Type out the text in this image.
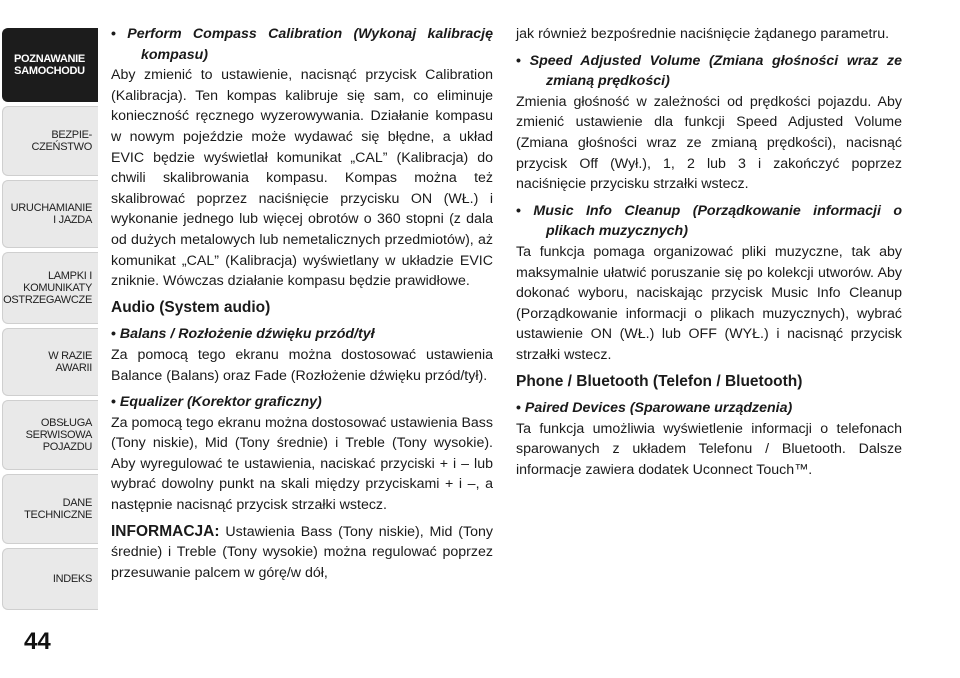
POZNAWANIE
SAMOCHODU
BEZPIE-
CZEŃSTWO
URUCHAMIANIE
I JAZDA
LAMPKI I
KOMUNIKATY
OSTRZEGAWCZE
W RAZIE
AWARII
OBSŁUGA
SERWISOWA
POJAZDU
DANE
TECHNICZNE
INDEKS
44

• Perform Compass Calibration (Wykonaj kalibrację kompasu)

Aby zmienić to ustawienie, nacisnąć przycisk Calibration (Kalibracja). Ten kompas kalibruje się sam, co eliminuje konieczność ręcznego wyzerowywania. Działanie kompasu w nowym pojeździe może wydawać się błędne, a układ EVIC będzie wyświetlał komunikat „CAL” (Kalibracja) do chwili skalibrowania kompasu. Kompas można też skalibrować poprzez naciśnięcie przycisku ON (WŁ.) i wykonanie jednego lub więcej obrotów o 360 stopni (z dala od dużych metalowych lub nemetalicznych przedmiotów), aż komunikat „CAL” (Kalibracja) wyświetlany w układzie EVIC zniknie. Wówczas działanie kompasu będzie prawidłowe.

Audio (System audio)

• Balans / Rozłożenie dźwięku przód/tył

Za pomocą tego ekranu można dostosować ustawienia Balance (Balans) oraz Fade (Rozłożenie dźwięku przód/tył).

• Equalizer (Korektor graficzny)

Za pomocą tego ekranu można dostosować ustawienia Bass (Tony niskie), Mid (Tony średnie) i Treble (Tony wysokie). Aby wyregulować te ustawienia, naciskać przyciski + i – lub wybrać dowolny punkt na skali między przyciskami + i –, a następnie nacisnąć przycisk strzałki wstecz.

INFORMACJA: Ustawienia Bass (Tony niskie), Mid (Tony średnie) i Treble (Tony wysokie) można regulować poprzez przesuwanie palcem w górę/w dół,

jak również bezpośrednie naciśnięcie żądanego parametru.

• Speed Adjusted Volume (Zmiana głośności wraz ze zmianą prędkości)

Zmienia głośność w zależności od prędkości pojazdu. Aby zmienić ustawienie dla funkcji Speed Adjusted Volume (Zmiana głośności wraz ze zmianą prędkości), nacisnąć przycisk Off (Wył.), 1, 2 lub 3 i zakończyć poprzez naciśnięcie przycisku strzałki wstecz.

• Music Info Cleanup (Porządkowanie informacji o plikach muzycznych)

Ta funkcja pomaga organizować pliki muzyczne, tak aby maksymalnie ułatwić poruszanie się po kolekcji utworów. Aby dokonać wyboru, naciskając przycisk Music Info Cleanup (Porządkowanie informacji o plikach muzycznych), wybrać ustawienie ON (WŁ.) lub OFF (WYŁ.) i nacisnąć przycisk strzałki wstecz.

Phone / Bluetooth (Telefon / Bluetooth)

• Paired Devices (Sparowane urządzenia)

Ta funkcja umożliwia wyświetlenie informacji o telefonach sparowanych z układem Telefonu / Bluetooth. Dalsze informacje zawiera dodatek Uconnect Touch™.
